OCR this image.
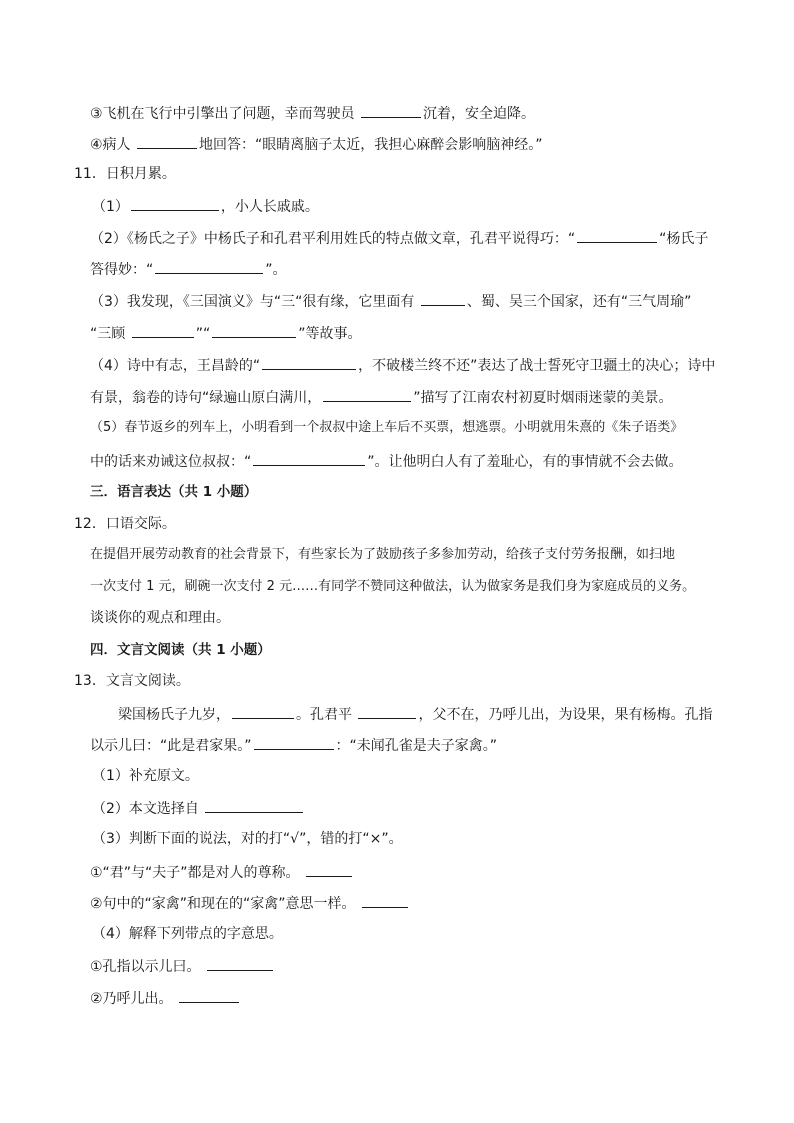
③飞机在飞行中引擎出了问题，幸而驾驶员	沉着，安全迫降。
④病人	地回答：“眼睛离脑子太近，我担心麻醉会影响脑神经。”
11．日积月累。
（1）	，小人长戚戚。
（2）《杨氏之子》中杨氏子和孔君平利用姓氏的特点做文章，孔君平说得巧：“	“杨氏子
答得妙：“	”。
（3）我发现，《三国演义》与“三“很有缘，它里面有	、蜀、吴三个国家，还有“三气周瑜”
“三顾	”“	”等故事。
（4）诗中有志，王昌龄的“	，不破楼兰终不还”表达了战士誓死守卫疆土的决心；诗中
有景，翁卷的诗句“绿遍山原白满川，	”描写了江南农村初夏时烟雨迷蒙的美景。
（5）春节返乡的列车上，小明看到一个叔叔中途上车后不买票，想逃票。小明就用朱熹的《朱子语类》
中的话来劝诫这位叔叔：“	”。让他明白人有了羞耻心，有的事情就不会去做。
三．语言表达（共 1 小题）
12．口语交际。
在提倡开展劳动教育的社会背景下，有些家长为了鼓励孩子多参加劳动，给孩子支付劳务报酬，如扫地
一次支付 1 元，刷碗一次支付 2 元……有同学不赞同这种做法，认为做家务是我们身为家庭成员的义务。
谈谈你的观点和理由。
四．文言文阅读（共 1 小题）
13．文言文阅读。
梁国杨氏子九岁，	。孔君平	，父不在，乃呼儿出，为设果，果有杨梅。孔指
以示儿曰：“此是君家果。”	：“未闻孔雀是夫子家禽。”
（1）补充原文。
（2）本文选择自
（3）判断下面的说法，对的打“√”，错的打“×”。
①“君”与“夫子”都是对人的尊称。
②句中的“家禽”和现在的“家禽”意思一样。
（4）解释下列带点的字意思。
①孔指以示儿曰。
②乃呼儿出。
